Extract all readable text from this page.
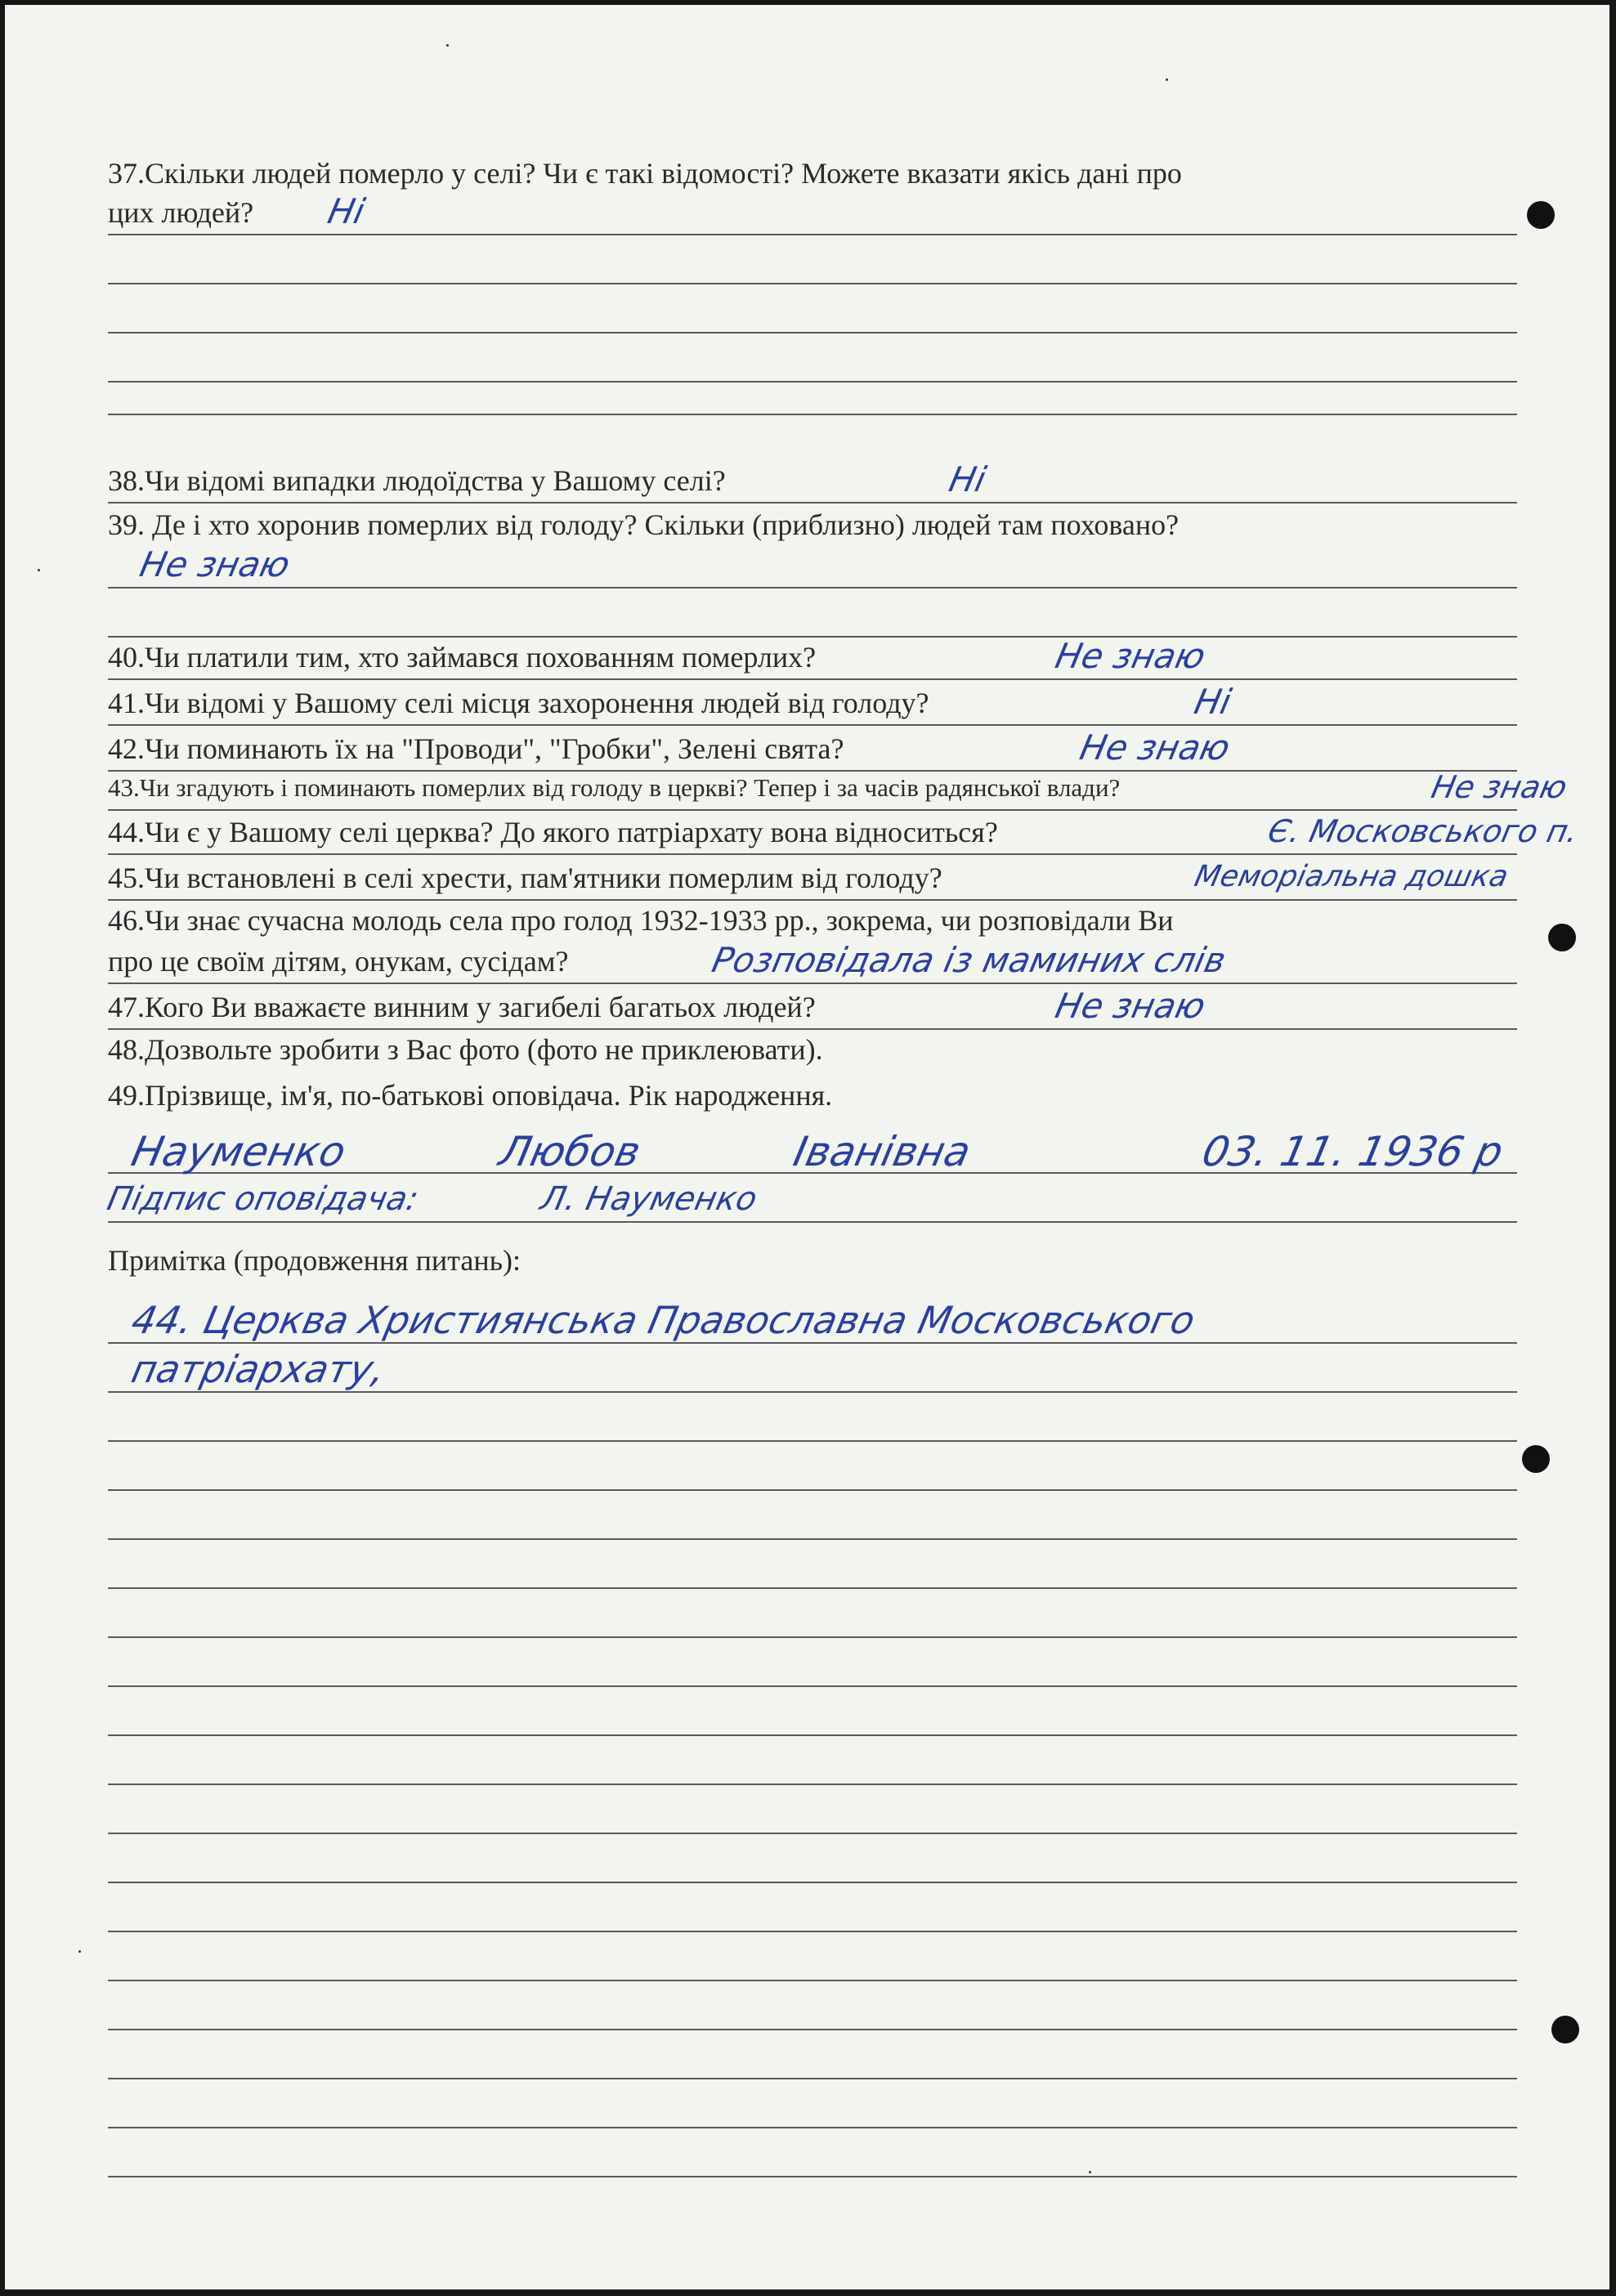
37.Скільки людей померло у селі? Чи є такі відомості? Можете вказати якісь дані про
цих людей? Ні
38.Чи відомі випадки людоїдства у Вашому селі?	Ні
39. Де і хто хоронив померлих від голоду? Скільки (приблизно) людей там поховано?
Не знаю
40.Чи платили тим, хто займався похованням померлих?	Не знаю
41.Чи відомі у Вашому селі місця захоронення людей від голоду?	Ні
42.Чи поминають їх на "Проводи", "Гробки", Зелені свята?	Не знаю
43.Чи згадують і поминають померлих від голоду в церкві? Тепер і за часів радянської влади?	Не знаю
44.Чи є у Вашому селі церква? До якого патріархату вона відноситься?	Є. Московського п.
45.Чи встановлені в селі хрести, пам'ятники померлим від голоду?	Меморіальна дошка
46.Чи знає сучасна молодь села про голод 1932-1933 рр., зокрема, чи розповідали Ви
про це своїм дітям, онукам, сусідам?	Розповідала із маминих слів
47.Кого Ви вважаєте винним у загибелі багатьох людей?	Не знаю
48.Дозвольте зробити з Вас фото (фото не приклеювати).
49.Прізвище, ім'я, по-батькові оповідача. Рік народження.
Науменко	Любов	Іванівна	03. 11. 1936 р
Підпис оповідача:	Л. Науменко
Примітка (продовження питань):
44. Церква Християнська Православна Московського
патріархату,
